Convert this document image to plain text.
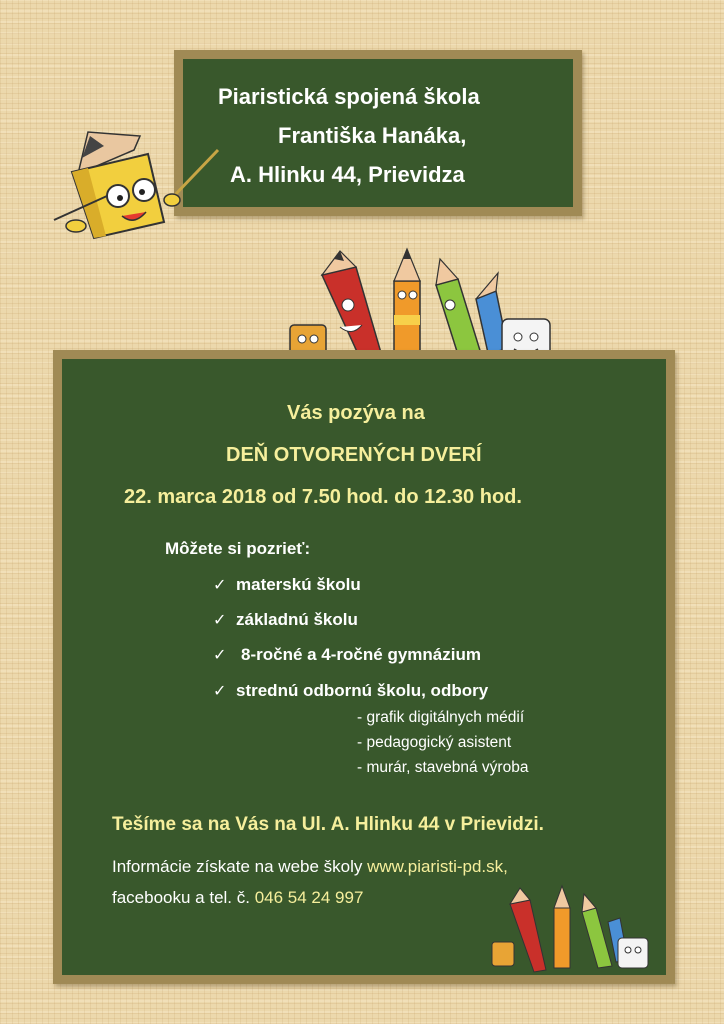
Piaristická spojená škola
Františka Hanáka,
A. Hlinku 44, Prievidza
Vás pozýva na
DEŇ OTVORENÝCH DVERÍ
22. marca 2018 od 7.50 hod. do 12.30 hod.
Môžete si pozrieť:
✓ materskú školu
✓ základnú školu
✓ 8-ročné a 4-ročné gymnázium
✓ strednú odbornú školu, odbory
- grafik digitálnych médií
- pedagogický asistent
- murár, stavebná výroba
Tešíme sa na Vás na Ul. A. Hlinku 44 v Prievidzi.
Informácie získate na webe školy www.piaristi-pd.sk,
facebooku a tel. č. 046 54 24 997
